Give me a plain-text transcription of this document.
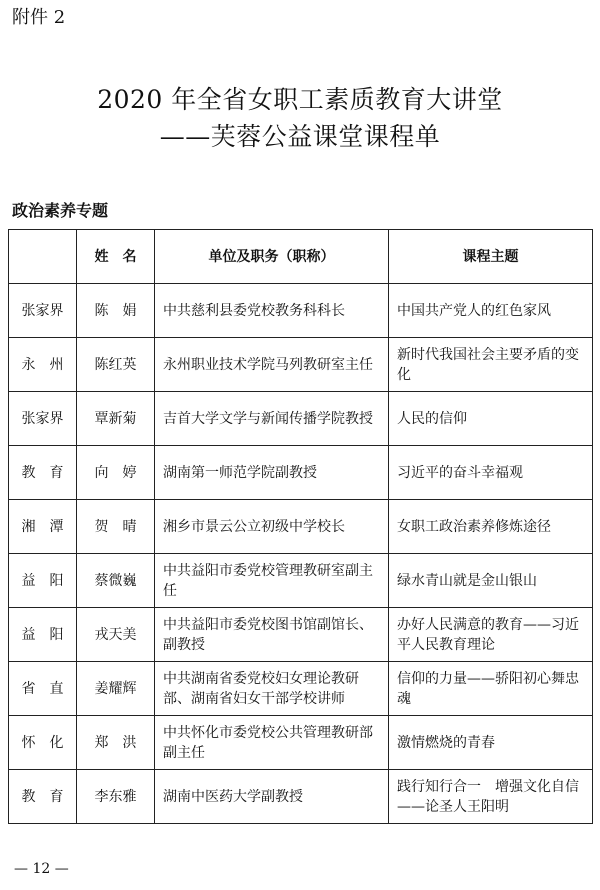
附件 2
2020 年全省女职工素质教育大讲堂
——芙蓉公益课堂课程单
政治素养专题
	姓　名	单位及职务（职称）	课程主题
张家界	陈　娟	中共慈利县委党校教务科科长	中国共产党人的红色家风
永　州	陈红英	永州职业技术学院马列教研室主任	新时代我国社会主要矛盾的变化
张家界	覃新菊	吉首大学文学与新闻传播学院教授	人民的信仰
教　育	向　婷	湖南第一师范学院副教授	习近平的奋斗幸福观
湘　潭	贺　晴	湘乡市景云公立初级中学校长	女职工政治素养修炼途径
益　阳	蔡微巍	中共益阳市委党校管理教研室副主任	绿水青山就是金山银山
益　阳	戎天美	中共益阳市委党校图书馆副馆长、副教授	办好人民满意的教育——习近平人民教育理论
省　直	姜耀辉	中共湖南省委党校妇女理论教研部、湖南省妇女干部学校讲师	信仰的力量——骄阳初心舞忠魂
怀　化	郑　洪	中共怀化市委党校公共管理教研部副主任	激情燃烧的青春
教　育	李东雅	湖南中医药大学副教授	践行知行合一　增强文化自信——论圣人王阳明
— 12 —
